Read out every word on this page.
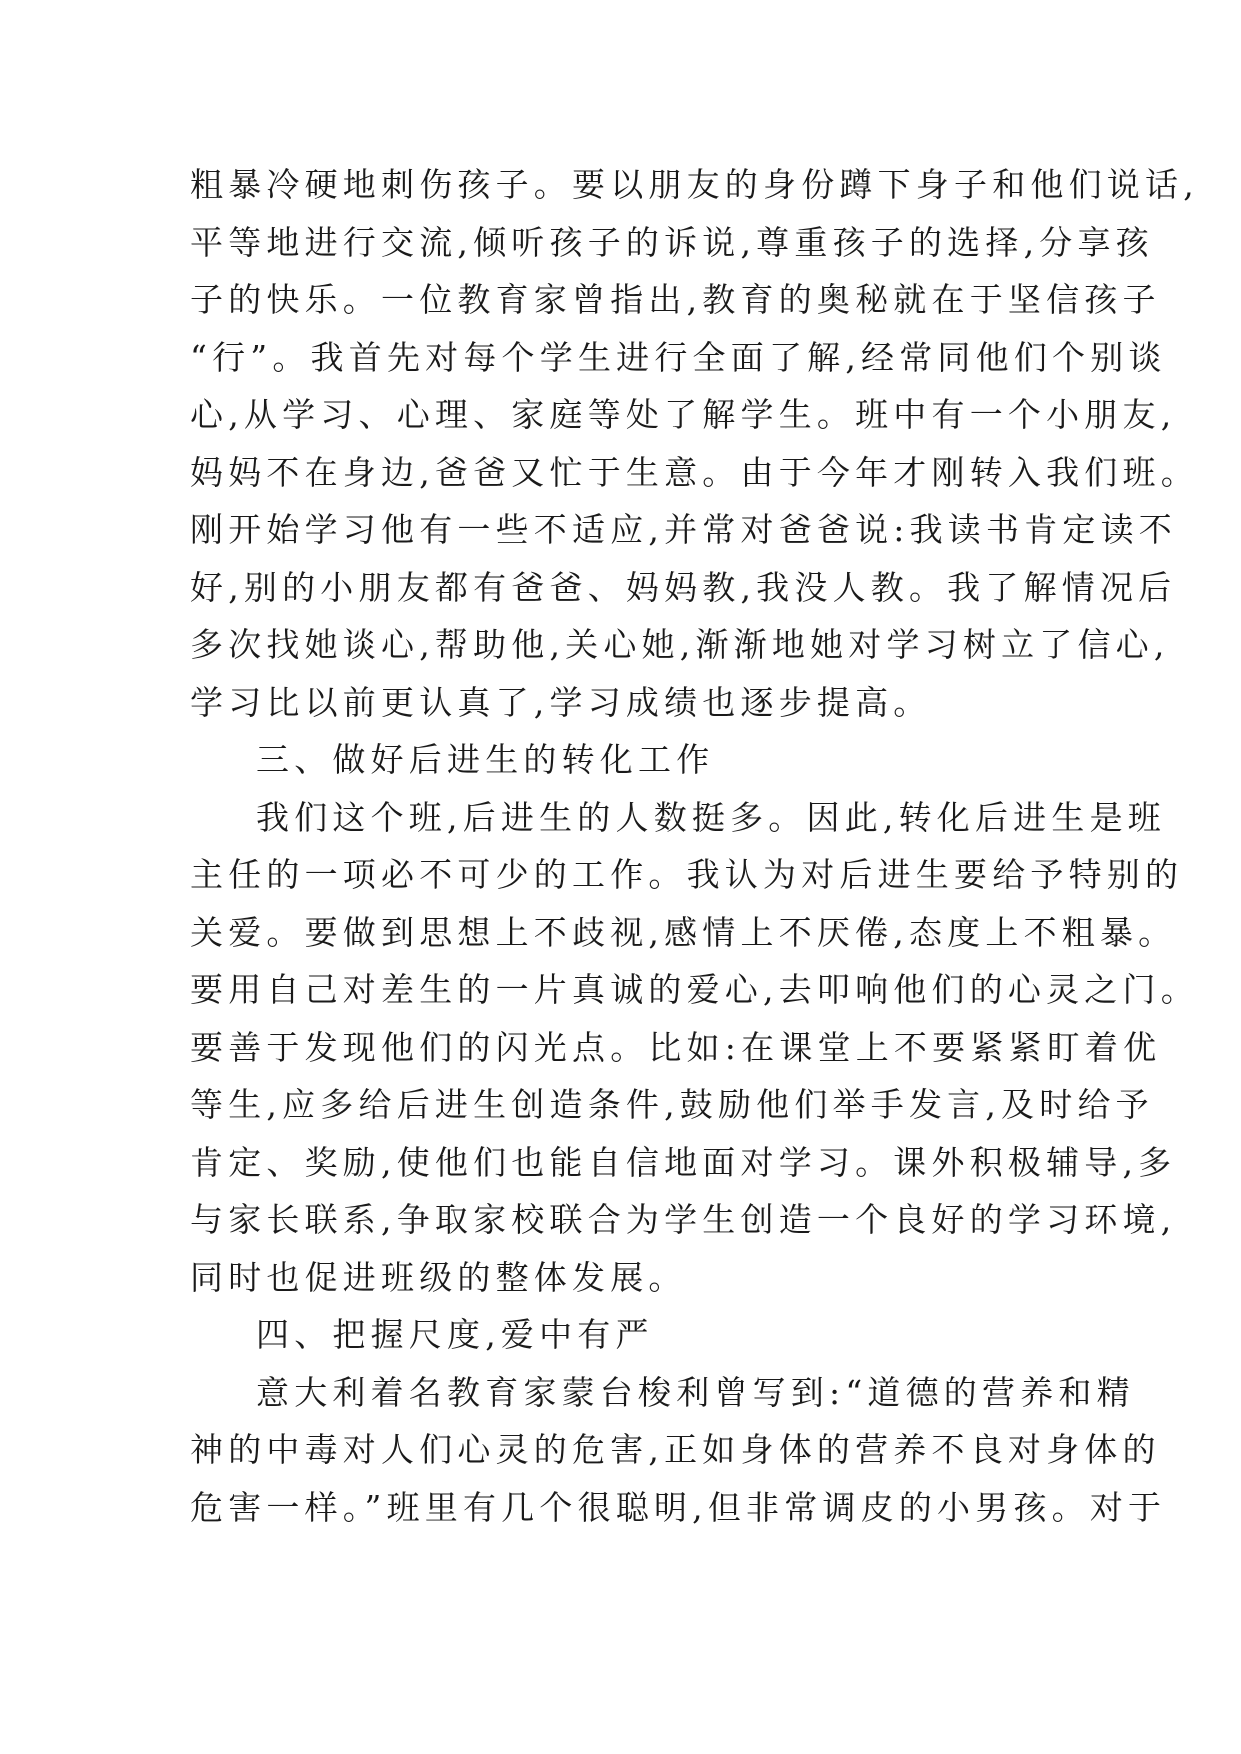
粗暴冷硬地刺伤孩子。要以朋友的身份蹲下身子和他们说话,
平等地进行交流,倾听孩子的诉说,尊重孩子的选择,分享孩
子的快乐。一位教育家曾指出,教育的奥秘就在于坚信孩子
“行”。我首先对每个学生进行全面了解,经常同他们个别谈
心,从学习、心理、家庭等处了解学生。班中有一个小朋友,
妈妈不在身边,爸爸又忙于生意。由于今年才刚转入我们班。
刚开始学习他有一些不适应,并常对爸爸说:我读书肯定读不
好,别的小朋友都有爸爸、妈妈教,我没人教。我了解情况后
多次找她谈心,帮助他,关心她,渐渐地她对学习树立了信心,
学习比以前更认真了,学习成绩也逐步提高。
三、做好后进生的转化工作
我们这个班,后进生的人数挺多。因此,转化后进生是班
主任的一项必不可少的工作。我认为对后进生要给予特别的
关爱。要做到思想上不歧视,感情上不厌倦,态度上不粗暴。
要用自己对差生的一片真诚的爱心,去叩响他们的心灵之门。
要善于发现他们的闪光点。比如:在课堂上不要紧紧盯着优
等生,应多给后进生创造条件,鼓励他们举手发言,及时给予
肯定、奖励,使他们也能自信地面对学习。课外积极辅导,多
与家长联系,争取家校联合为学生创造一个良好的学习环境,
同时也促进班级的整体发展。
四、把握尺度,爱中有严
意大利着名教育家蒙台梭利曾写到:“道德的营养和精
神的中毒对人们心灵的危害,正如身体的营养不良对身体的
危害一样。”班里有几个很聪明,但非常调皮的小男孩。对于
